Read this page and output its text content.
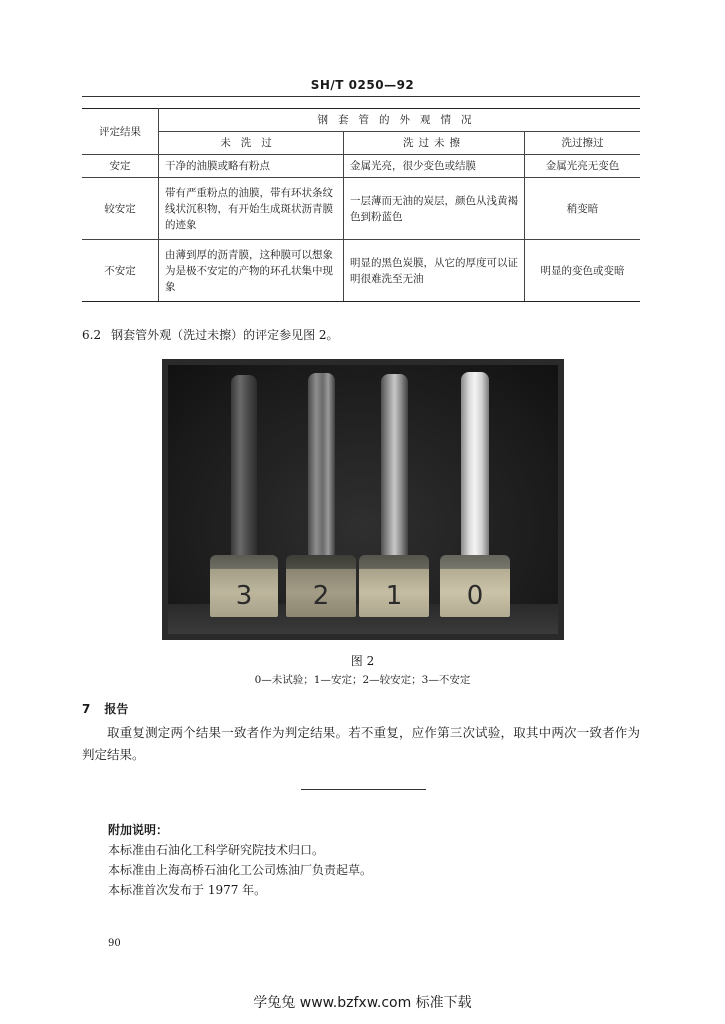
SH/T 0250—92
评定结果	钢套管的外观情况		
	未洗过	洗过未擦	洗过擦过
安定	干净的油膜或略有粉点	金属光亮，很少变色或结膜	金属光亮无变色
较安定	带有严重粉点的油膜，带有环状条纹线状沉积物，有开始生成斑状沥青膜的迹象	一层薄而无油的炭层，颜色从浅黄褐色到粉蓝色	稍变暗
不安定	由薄到厚的沥青膜，这种膜可以想象为是极不安定的产物的环孔状集中现象	明显的黑色炭膜，从它的厚度可以证明很难洗至无油	明显的变色或变暗
6.2 钢套管外观（洗过未擦）的评定参见图 2。
3	2	1	0
图 2
0—未试验；1—安定；2—较安定；3—不安定
7 报告
取重复测定两个结果一致者作为判定结果。若不重复，应作第三次试验，取其中两次一致者作为判定结果。
附加说明：
本标准由石油化工科学研究院技术归口。
本标准由上海高桥石油化工公司炼油厂负责起草。
本标准首次发布于 1977 年。
90
学兔兔 www.bzfxw.com 标准下载
